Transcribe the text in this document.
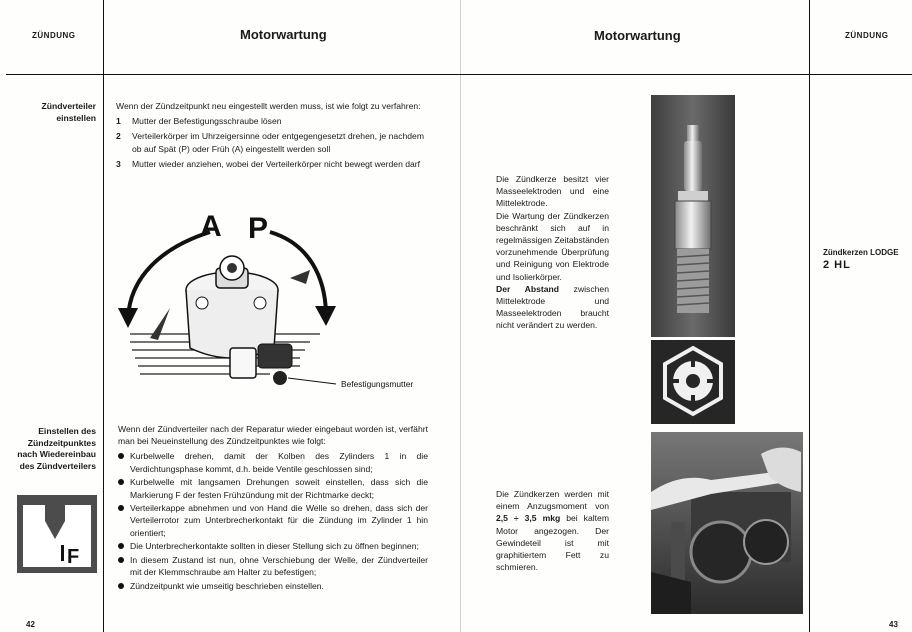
ZÜNDUNG	Motorwartung
Zündverteiler
einstellen
Wenn der Zündzeitpunkt neu eingestellt werden muss, ist wie folgt zu verfahren:
1	Mutter der Befestigungsschraube lösen
2	Verteilerkörper im Uhrzeigersinne oder entgegengesetzt drehen, je nachdem ob auf Spät (P) oder Früh (A) eingestellt werden soll
3	Mutter wieder anziehen, wobei der Verteilerkörper nicht bewegt werden darf
A P
Befestigungsmutter
Einstellen des
Zündzeitpunktes
nach Wiedereinbau
des Zündverteilers
F
Wenn der Zündverteiler nach der Reparatur wieder eingebaut worden ist, verfährt man bei Neueinstellung des Zündzeitpunktes wie folgt:
Kurbelwelle drehen, damit der Kolben des Zylinders 1 in die Verdichtungsphase kommt, d.h. beide Ventile geschlossen sind;
Kurbelwelle mit langsamen Drehungen soweit einstellen, dass sich die Markierung F der festen Frühzündung mit der Richtmarke deckt;
Verteilerkappe abnehmen und von Hand die Welle so drehen, dass sich der Verteilerrotor zum Unterbrecherkontakt für die Zündung im Zylinder 1 hin orientiert;
Die Unterbrecherkontakte sollten in dieser Stellung sich zu öffnen beginnen;
In diesem Zustand ist nun, ohne Verschiebung der Welle, der Zündverteiler mit der Klemmschraube am Halter zu befestigen;
Zündzeitpunkt wie umseitig beschrieben einstellen.
42
Motorwartung	ZÜNDUNG
Die Zündkerze besitzt vier Masseelektroden und eine Mittelektrode.
Die Wartung der Zündkerzen beschränkt sich auf in regelmässigen Zeitabständen vorzunehmende Überprüfung und Reinigung von Elektrode und Isolierkörper.
Der Abstand zwischen Mittelektrode und Masseelektroden braucht nicht verändert zu werden.
Zündkerzen LODGE
2 HL
Die Zündkerzen werden mit einem Anzugsmoment von 2,5 ÷ 3,5 mkg bei kaltem Motor angezogen. Der Gewindeteil ist mit graphitiertem Fett zu schmieren.
43
